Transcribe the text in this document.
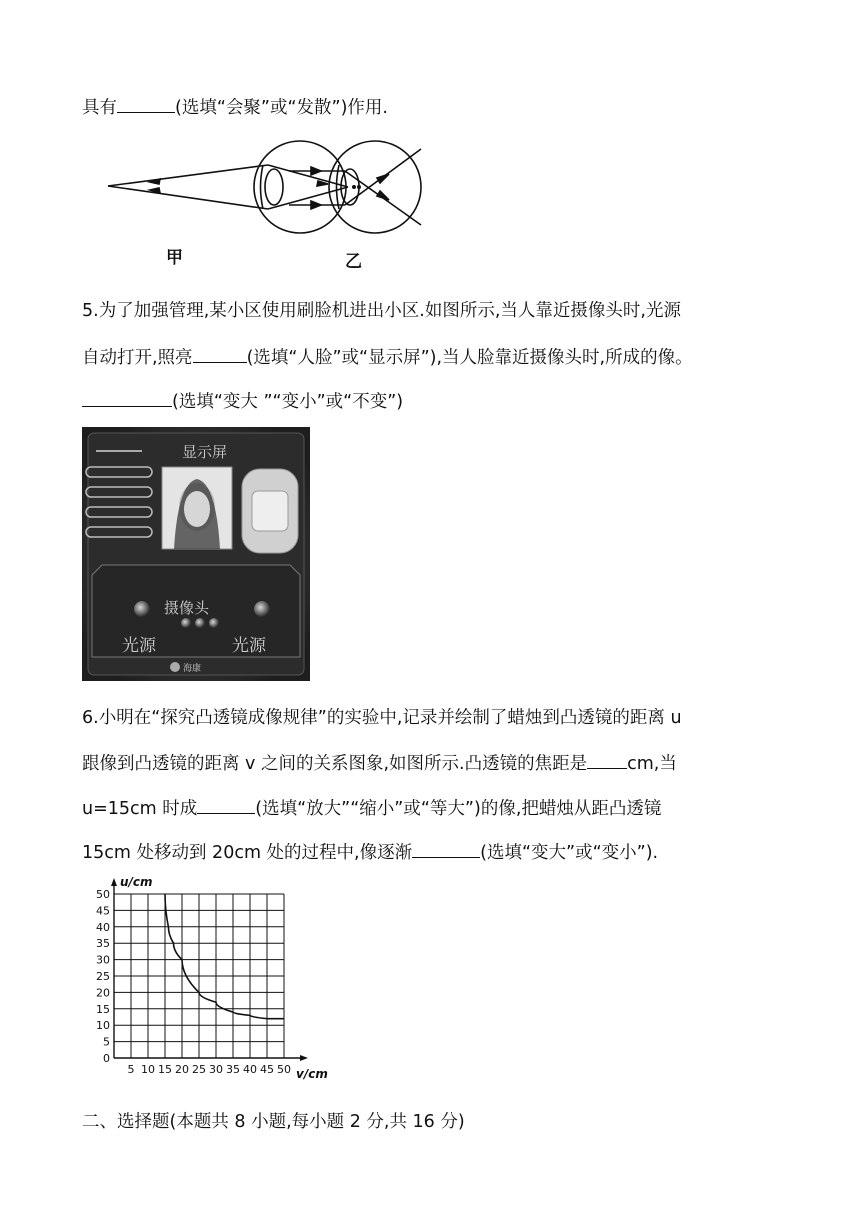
具有	(选填“会聚”或“发散”)作用.
甲	乙
5.为了加强管理,某小区使用刷脸机进出小区.如图所示,当人靠近摄像头时,光源
自动打开,照亮	(选填“人脸”或“显示屏”),当人脸靠近摄像头时,所成的像。
(选填“变大 ”“变小”或“不变”)
显示屏
摄像头
光源	光源
海康
6.小明在“探究凸透镜成像规律”的实验中,记录并绘制了蜡烛到凸透镜的距离 u
跟像到凸透镜的距离 v 之间的关系图象,如图所示.凸透镜的焦距是 cm,当
u=15cm 时成	(选填“放大”“缩小”或“等大”)的像,把蜡烛从距凸透镜
15cm 处移动到 20cm 处的过程中,像逐渐	(选填“变大”或“变小”).
5 10 15 20 25 30 35 40 45 50
0
5
10
15
20
25
30
35
40
45
50
u/cm
v/cm
二、选择题(本题共 8 小题,每小题 2 分,共 16 分)
